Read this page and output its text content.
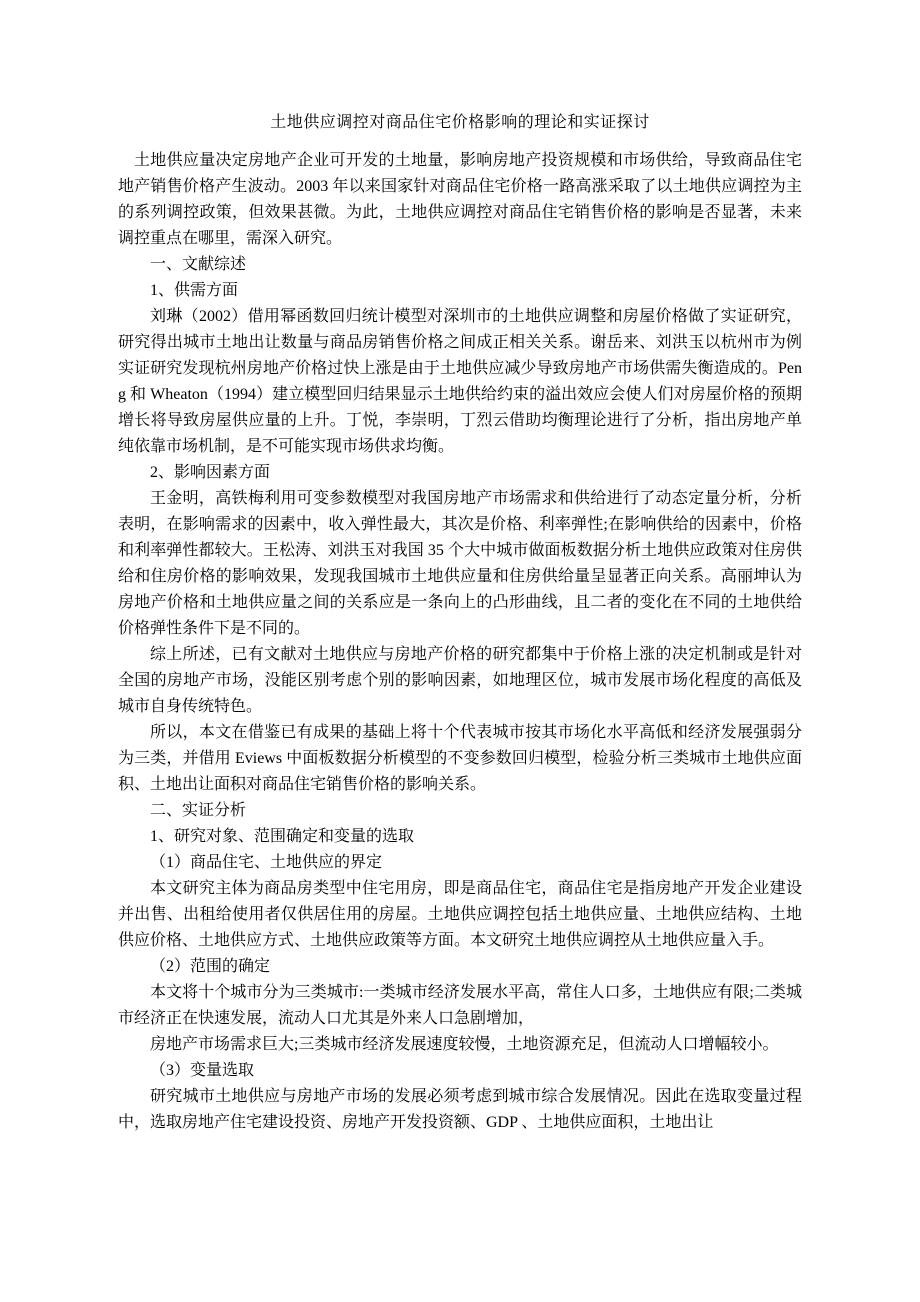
土地供应调控对商品住宅价格影响的理论和实证探讨

土地供应量决定房地产企业可开发的土地量，影响房地产投资规模和市场供给，导致商品住宅地产销售价格产生波动。2003 年以来国家针对商品住宅价格一路高涨采取了以土地供应调控为主的系列调控政策，但效果甚微。为此，土地供应调控对商品住宅销售价格的影响是否显著，未来调控重点在哪里，需深入研究。

一、文献综述

1、供需方面

刘琳（2002）借用幂函数回归统计模型对深圳市的土地供应调整和房屋价格做了实证研究，研究得出城市土地出让数量与商品房销售价格之间成正相关关系。谢岳来、刘洪玉以杭州市为例实证研究发现杭州房地产价格过快上涨是由于土地供应减少导致房地产市场供需失衡造成的。Peng 和 Wheaton（1994）建立模型回归结果显示土地供给约束的溢出效应会使人们对房屋价格的预期增长将导致房屋供应量的上升。丁悦，李崇明，丁烈云借助均衡理论进行了分析，指出房地产单纯依靠市场机制，是不可能实现市场供求均衡。

2、影响因素方面

王金明，高铁梅利用可变参数模型对我国房地产市场需求和供给进行了动态定量分析，分析表明，在影响需求的因素中，收入弹性最大，其次是价格、利率弹性;在影响供给的因素中，价格和利率弹性都较大。王松涛、刘洪玉对我国 35 个大中城市做面板数据分析土地供应政策对住房供给和住房价格的影响效果，发现我国城市土地供应量和住房供给量呈显著正向关系。高丽坤认为房地产价格和土地供应量之间的关系应是一条向上的凸形曲线，且二者的变化在不同的土地供给价格弹性条件下是不同的。

综上所述，已有文献对土地供应与房地产价格的研究都集中于价格上涨的决定机制或是针对全国的房地产市场，没能区别考虑个别的影响因素，如地理区位，城市发展市场化程度的高低及城市自身传统特色。

所以，本文在借鉴已有成果的基础上将十个代表城市按其市场化水平高低和经济发展强弱分为三类，并借用 Eviews 中面板数据分析模型的不变参数回归模型，检验分析三类城市土地供应面积、土地出让面积对商品住宅销售价格的影响关系。

二、实证分析

1、研究对象、范围确定和变量的选取

（1）商品住宅、土地供应的界定

本文研究主体为商品房类型中住宅用房，即是商品住宅，商品住宅是指房地产开发企业建设并出售、出租给使用者仅供居住用的房屋。土地供应调控包括土地供应量、土地供应结构、土地供应价格、土地供应方式、土地供应政策等方面。本文研究土地供应调控从土地供应量入手。

（2）范围的确定

本文将十个城市分为三类城市:一类城市经济发展水平高，常住人口多，土地供应有限;二类城市经济正在快速发展，流动人口尤其是外来人口急剧增加，

房地产市场需求巨大;三类城市经济发展速度较慢，土地资源充足，但流动人口增幅较小。

（3）变量选取

研究城市土地供应与房地产市场的发展必须考虑到城市综合发展情况。因此在选取变量过程中，选取房地产住宅建设投资、房地产开发投资额、GDP 、土地供应面积，土地出让
